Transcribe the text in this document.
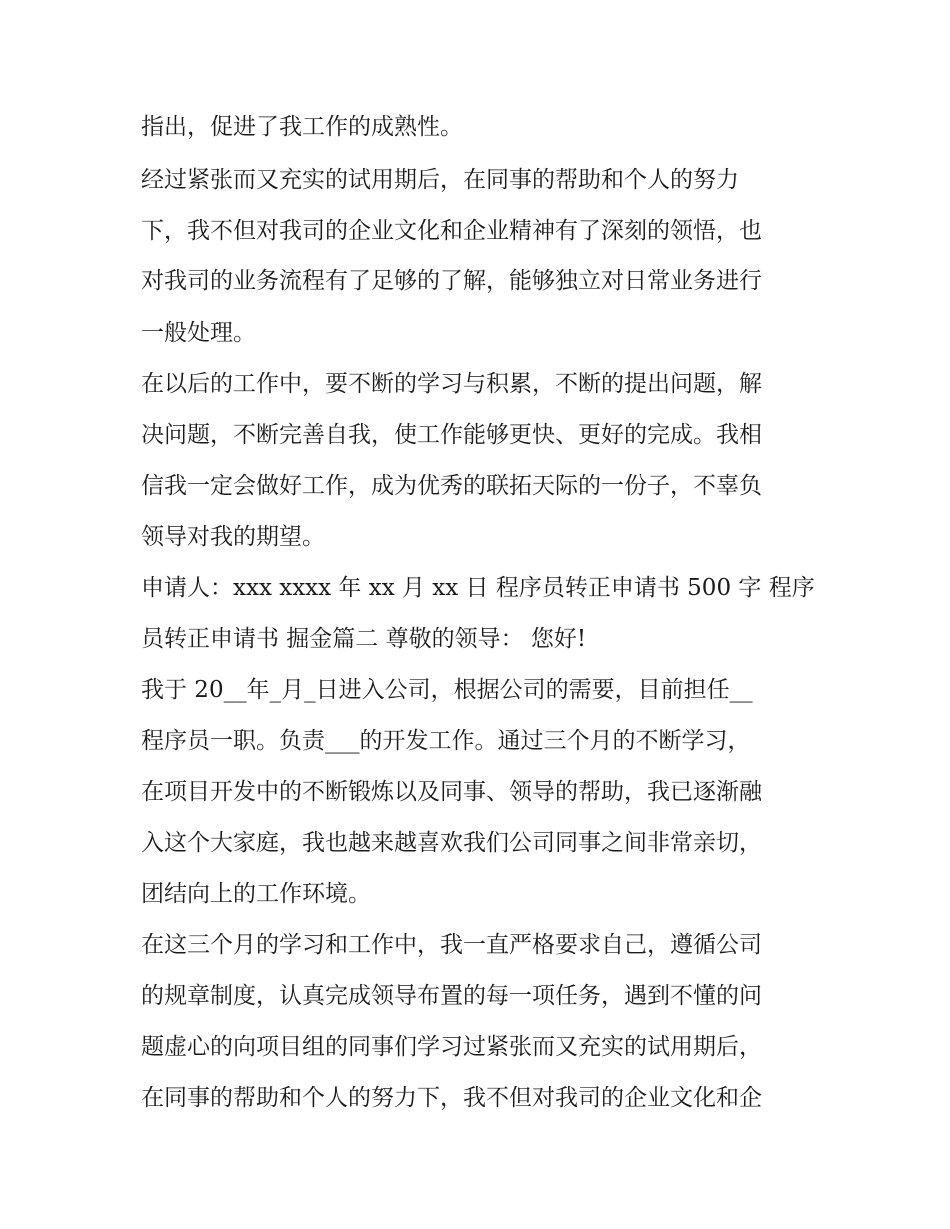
指出，促进了我工作的成熟性。
经过紧张而又充实的试用期后，在同事的帮助和个人的努力
下，我不但对我司的企业文化和企业精神有了深刻的领悟，也
对我司的业务流程有了足够的了解，能够独立对日常业务进行
一般处理。
在以后的工作中，要不断的学习与积累，不断的提出问题，解
决问题，不断完善自我，使工作能够更快、更好的完成。我相
信我一定会做好工作，成为优秀的联拓天际的一份子，不辜负
领导对我的期望。
申请人：xxx xxxx 年 xx 月 xx 日 程序员转正申请书 500 字 程序
员转正申请书 掘金篇二 尊敬的领导： 您好!
我于 20__年_月_日进入公司，根据公司的需要，目前担任__
程序员一职。负责___的开发工作。通过三个月的不断学习，
在项目开发中的不断锻炼以及同事、领导的帮助，我已逐渐融
入这个大家庭，我也越来越喜欢我们公司同事之间非常亲切，
团结向上的工作环境。
在这三个月的学习和工作中，我一直严格要求自己，遵循公司
的规章制度，认真完成领导布置的每一项任务，遇到不懂的问
题虚心的向项目组的同事们学习过紧张而又充实的试用期后，
在同事的帮助和个人的努力下，我不但对我司的企业文化和企
